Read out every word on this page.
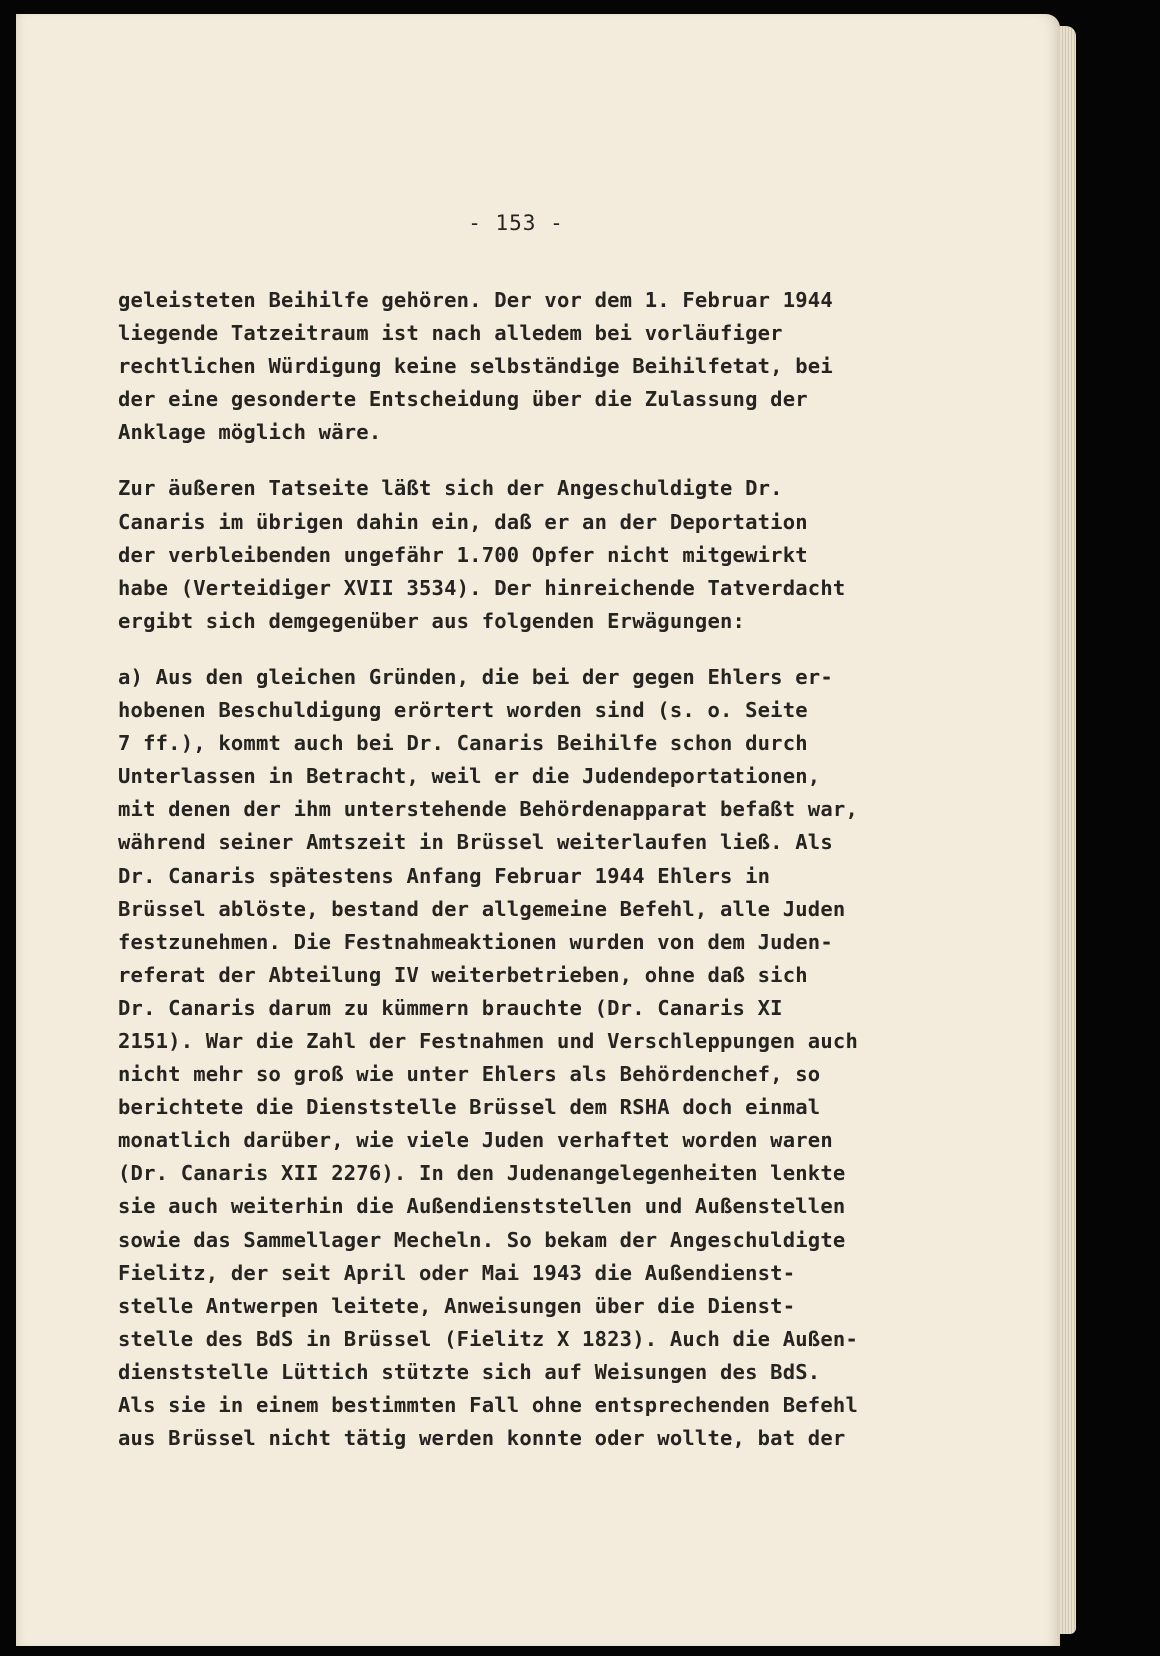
- 153 -
geleisteten Beihilfe gehören. Der vor dem 1. Februar 1944
liegende Tatzeitraum ist nach alledem bei vorläufiger
rechtlichen Würdigung keine selbständige Beihilfetat, bei
der eine gesonderte Entscheidung über die Zulassung der
Anklage möglich wäre.
Zur äußeren Tatseite läßt sich der Angeschuldigte Dr.
Canaris im übrigen dahin ein, daß er an der Deportation
der verbleibenden ungefähr 1.700 Opfer nicht mitgewirkt
habe (Verteidiger XVII 3534). Der hinreichende Tatverdacht
ergibt sich demgegenüber aus folgenden Erwägungen:
a) Aus den gleichen Gründen, die bei der gegen Ehlers er-
hobenen Beschuldigung erörtert worden sind (s. o. Seite
7 ff.), kommt auch bei Dr. Canaris Beihilfe schon durch
Unterlassen in Betracht, weil er die Judendeportationen,
mit denen der ihm unterstehende Behördenapparat befaßt war,
während seiner Amtszeit in Brüssel weiterlaufen ließ. Als
Dr. Canaris spätestens Anfang Februar 1944 Ehlers in
Brüssel ablöste, bestand der allgemeine Befehl, alle Juden
festzunehmen. Die Festnahmeaktionen wurden von dem Juden-
referat der Abteilung IV weiterbetrieben, ohne daß sich
Dr. Canaris darum zu kümmern brauchte (Dr. Canaris XI
2151). War die Zahl der Festnahmen und Verschleppungen auch
nicht mehr so groß wie unter Ehlers als Behördenchef, so
berichtete die Dienststelle Brüssel dem RSHA doch einmal
monatlich darüber, wie viele Juden verhaftet worden waren
(Dr. Canaris XII 2276). In den Judenangelegenheiten lenkte
sie auch weiterhin die Außendienststellen und Außenstellen
sowie das Sammellager Mecheln. So bekam der Angeschuldigte
Fielitz, der seit April oder Mai 1943 die Außendienst-
stelle Antwerpen leitete, Anweisungen über die Dienst-
stelle des BdS in Brüssel (Fielitz X 1823). Auch die Außen-
dienststelle Lüttich stützte sich auf Weisungen des BdS.
Als sie in einem bestimmten Fall ohne entsprechenden Befehl
aus Brüssel nicht tätig werden konnte oder wollte, bat der
